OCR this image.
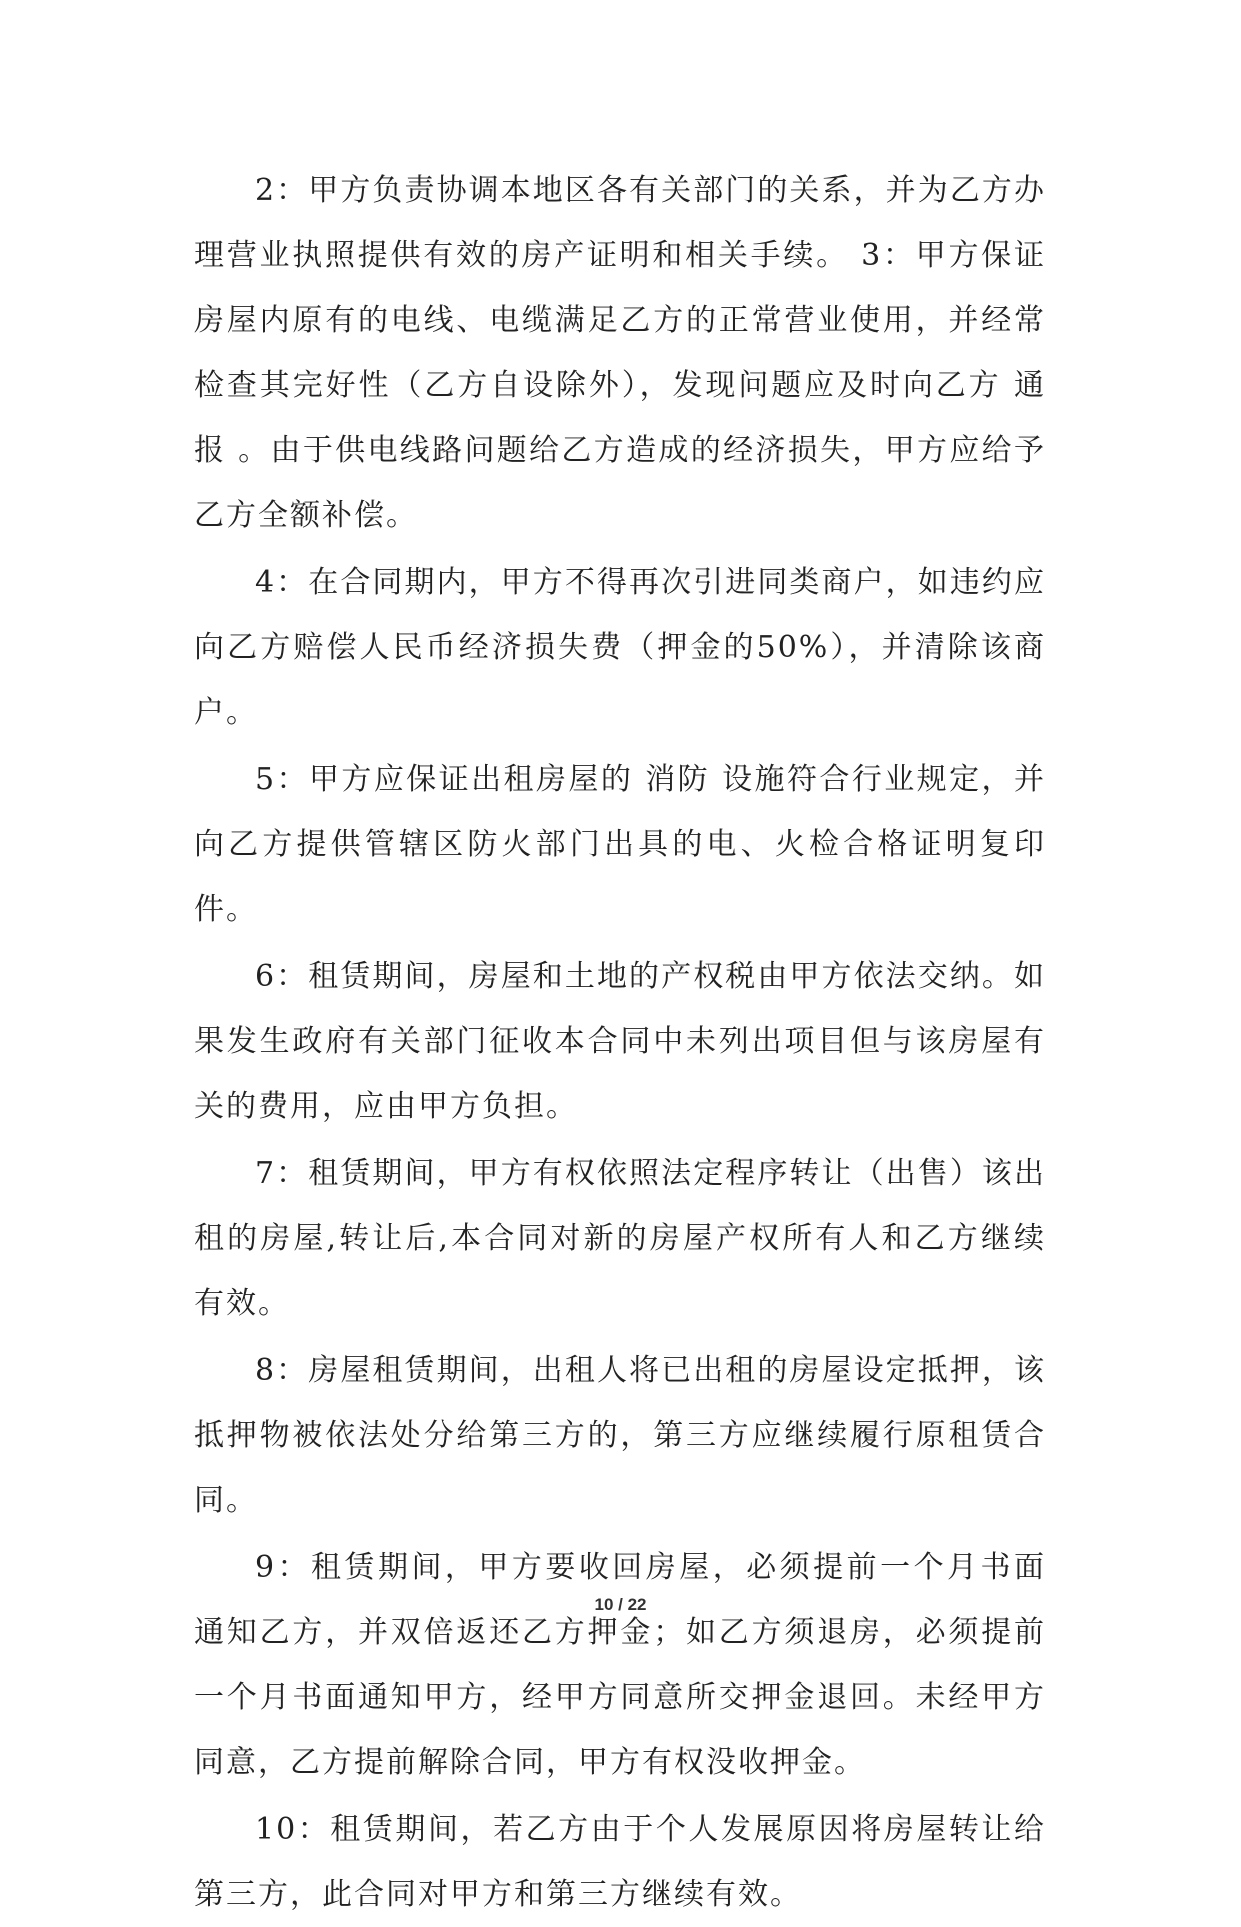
2：甲方负责协调本地区各有关部门的关系，并为乙方办理营业执照提供有效的房产证明和相关手续。 3：甲方保证房屋内原有的电线、电缆满足乙方的正常营业使用，并经常检查其完好性（乙方自设除外），发现问题应及时向乙方 通报 。由于供电线路问题给乙方造成的经济损失，甲方应给予乙方全额补偿。

4：在合同期内，甲方不得再次引进同类商户，如违约应向乙方赔偿人民币经济损失费（押金的50%），并清除该商户。

5：甲方应保证出租房屋的 消防 设施符合行业规定，并向乙方提供管辖区防火部门出具的电、火检合格证明复印件。

6：租赁期间，房屋和土地的产权税由甲方依法交纳。如果发生政府有关部门征收本合同中未列出项目但与该房屋有关的费用，应由甲方负担。

7：租赁期间，甲方有权依照法定程序转让（出售）该出租的房屋,转让后,本合同对新的房屋产权所有人和乙方继续有效。

8：房屋租赁期间，出租人将已出租的房屋设定抵押，该抵押物被依法处分给第三方的，第三方应继续履行原租赁合同。

9：租赁期间，甲方要收回房屋，必须提前一个月书面 通知乙方，并双倍返还乙方押金；如乙方须退房，必须提前一个月书面通知甲方，经甲方同意所交押金退回。未经甲方同意，乙方提前解除合同，甲方有权没收押金。

10：租赁期间，若乙方由于个人发展原因将房屋转让给第三方，此合同对甲方和第三方继续有效。

10 / 22
